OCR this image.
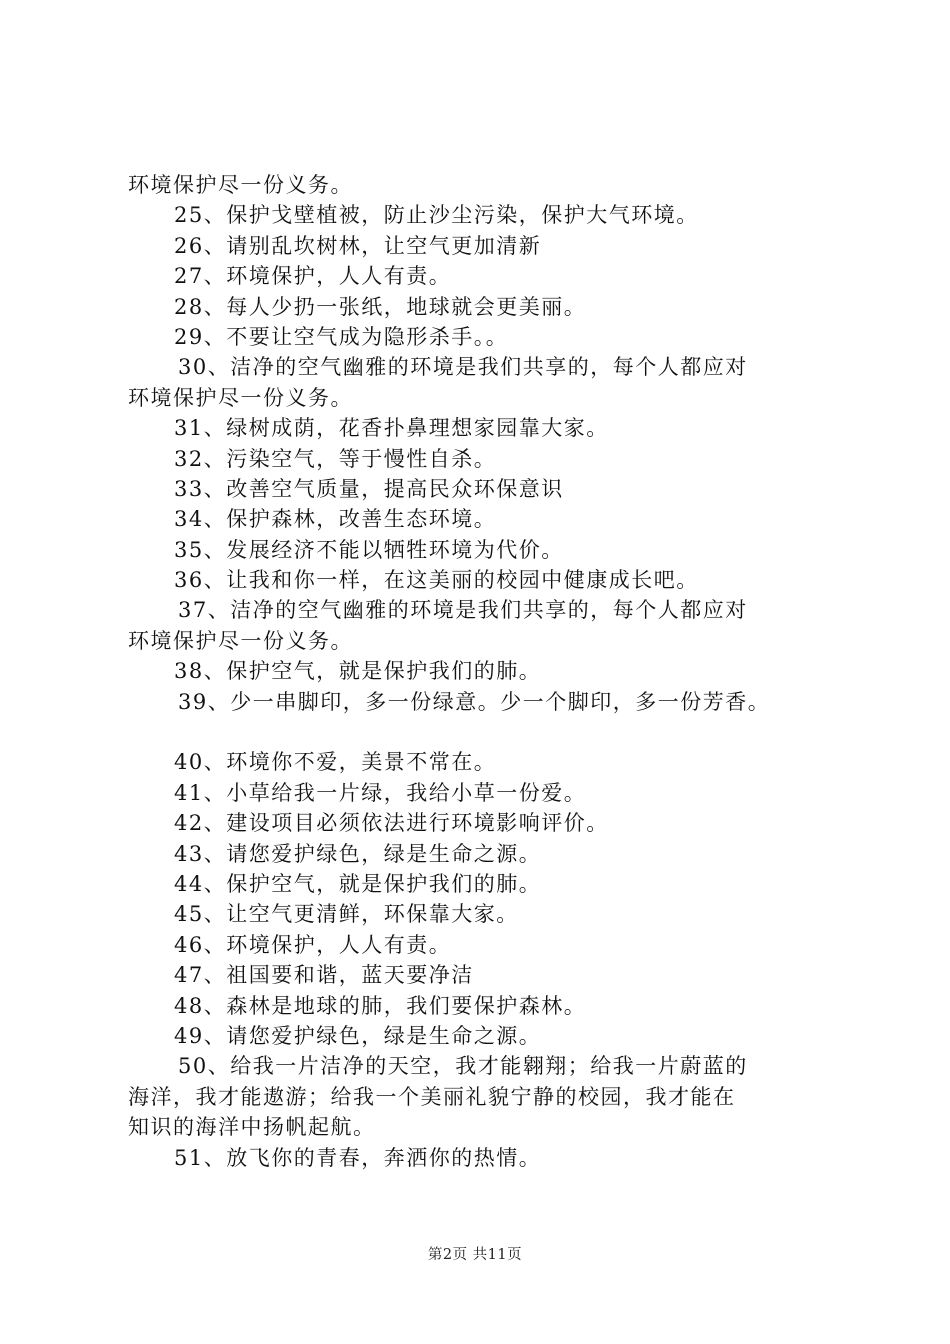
环境保护尽一份义务。
25、保护戈壁植被，防止沙尘污染，保护大气环境。
26、请别乱坎树林，让空气更加清新
27、环境保护，人人有责。
28、每人少扔一张纸，地球就会更美丽。
29、不要让空气成为隐形杀手。。
30、洁净的空气幽雅的环境是我们共享的，每个人都应对
环境保护尽一份义务。
31、绿树成荫，花香扑鼻理想家园靠大家。
32、污染空气，等于慢性自杀。
33、改善空气质量，提高民众环保意识
34、保护森林，改善生态环境。
35、发展经济不能以牺牲环境为代价。
36、让我和你一样，在这美丽的校园中健康成长吧。
37、洁净的空气幽雅的环境是我们共享的，每个人都应对
环境保护尽一份义务。
38、保护空气，就是保护我们的肺。
39、少一串脚印，多一份绿意。少一个脚印，多一份芳香。
40、环境你不爱，美景不常在。
41、小草给我一片绿，我给小草一份爱。
42、建设项目必须依法进行环境影响评价。
43、请您爱护绿色，绿是生命之源。
44、保护空气，就是保护我们的肺。
45、让空气更清鲜，环保靠大家。
46、环境保护，人人有责。
47、祖国要和谐，蓝天要净洁
48、森林是地球的肺，我们要保护森林。
49、请您爱护绿色，绿是生命之源。
50、给我一片洁净的天空，我才能翱翔；给我一片蔚蓝的
海洋，我才能遨游；给我一个美丽礼貌宁静的校园，我才能在
知识的海洋中扬帆起航。
51、放飞你的青春，奔洒你的热情。
第2页 共11页
